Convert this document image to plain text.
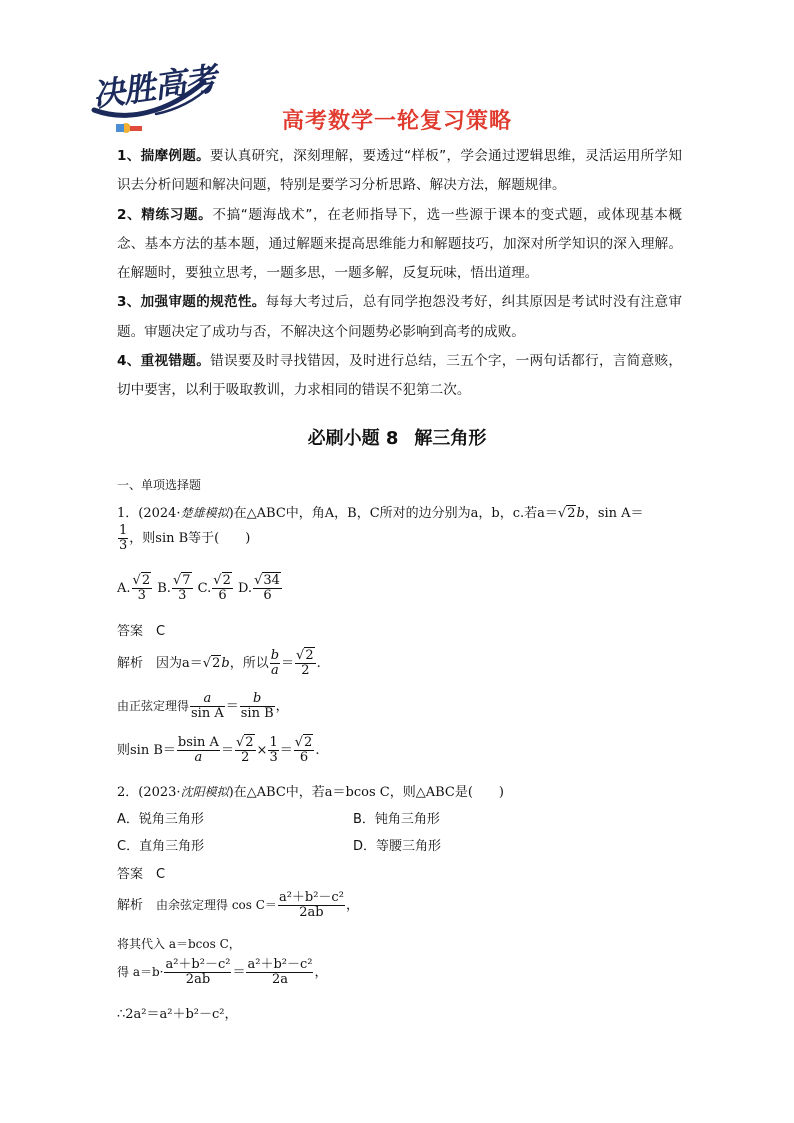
决胜高考
高考数学一轮复习策略

1、揣摩例题。要认真研究，深刻理解，要透过“样板”，学会通过逻辑思维，灵活运用所学知识去分析问题和解决问题，特别是要学习分析思路、解决方法，解题规律。

2、精练习题。不搞“题海战术”，在老师指导下，选一些源于课本的变式题，或体现基本概念、基本方法的基本题，通过解题来提高思维能力和解题技巧，加深对所学知识的深入理解。在解题时，要独立思考，一题多思，一题多解，反复玩味，悟出道理。

3、加强审题的规范性。每每大考过后，总有同学抱怨没考好，纠其原因是考试时没有注意审题。审题决定了成功与否，不解决这个问题势必影响到高考的成败。

4、重视错题。错误要及时寻找错因，及时进行总结，三五个字，一两句话都行，言简意赅，切中要害，以利于吸取教训，力求相同的错误不犯第二次。

必刷小题 8 解三角形
一、单项选择题
1．(2024·楚雄模拟)在△ABC中，角A，B，C所对的边分别为a，b，c.若a＝√2b，sin A＝
$\frac{1}{3}$ ，则sin B等于(　　)
A. $\frac{√2}{3} B$. $\frac{√7}{3} C$. $\frac{√2}{6} D$. $\frac{√34}{6}$
答案　C
解析　因为a＝√2b，所以 $\frac{b}{a} = \frac{√2}{2}$ .
由正弦定理得 $\frac{a}{\text{sin A}} = \frac{b}{\text{sin B}}$ ，
则$\sin B= \frac{\text{bsin A}}{a} = \frac{√2}{2} \times \frac{1}{3} = \frac{√2}{6}$ .
2．(2023·沈阳模拟)在△ABC中，若a＝bcos C，则△ABC是(　　)
A．锐角三角形	B．钝角三角形
C．直角三角形	D．等腰三角形
答案　C
解析　由余弦定理得 $\cos C= \frac{\text{a²＋b²－c²}}{2ab}$ ，
将其代入 a＝bcos C，
得 $a=b\cdot \frac{\text{a²＋b²－c²}}{2ab} = \frac{\text{a²＋b²－c²}}{2a}$ ，
∴2a²＝a²＋b²－c²，
